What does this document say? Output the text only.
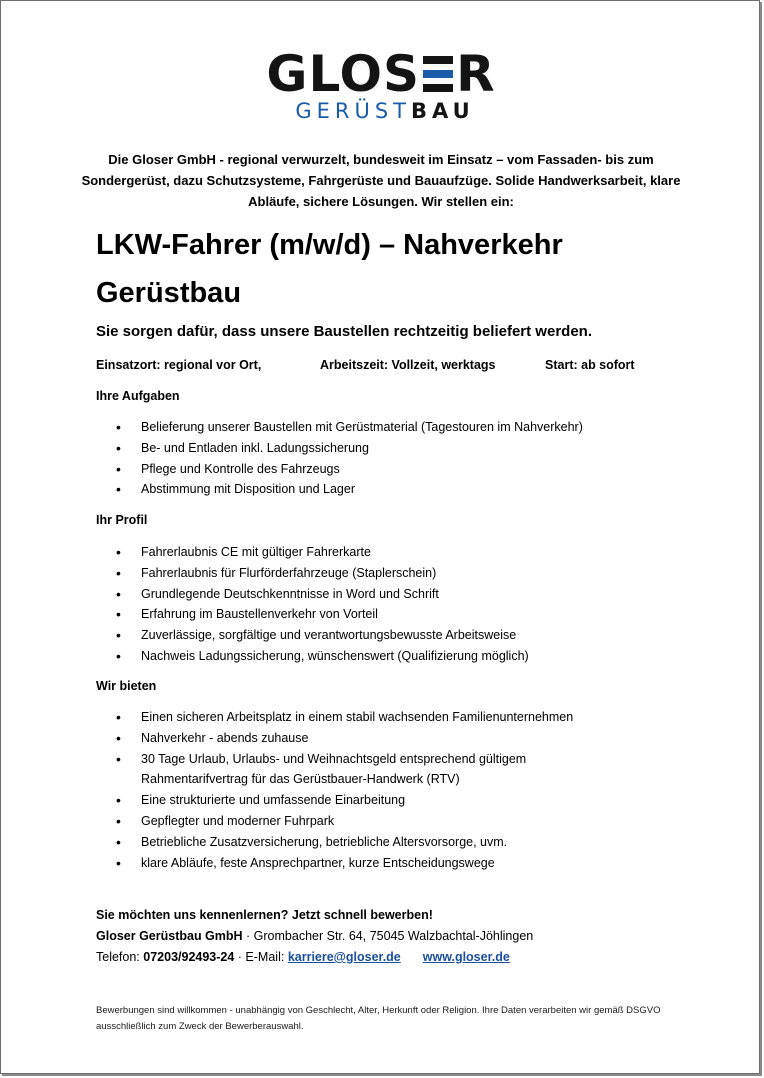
GLOS R
GERÜSTBAU
Die Gloser GmbH - regional verwurzelt, bundesweit im Einsatz – vom Fassaden- bis zum Sondergerüst, dazu Schutzsysteme, Fahrgerüste und Bauaufzüge. Solide Handwerksarbeit, klare Abläufe, sichere Lösungen. Wir stellen ein:
LKW-Fahrer (m/w/d) – Nahverkehr Gerüstbau
Sie sorgen dafür, dass unsere Baustellen rechtzeitig beliefert werden.
Einsatzort: regional vor Ort,	Arbeitszeit: Vollzeit, werktags	Start: ab sofort
Ihre Aufgaben
• Belieferung unserer Baustellen mit Gerüstmaterial (Tagestouren im Nahverkehr)
• Be- und Entladen inkl. Ladungssicherung
• Pflege und Kontrolle des Fahrzeugs
• Abstimmung mit Disposition und Lager
Ihr Profil
• Fahrerlaubnis CE mit gültiger Fahrerkarte
• Fahrerlaubnis für Flurförderfahrzeuge (Staplerschein)
• Grundlegende Deutschkenntnisse in Word und Schrift
• Erfahrung im Baustellenverkehr von Vorteil
• Zuverlässige, sorgfältige und verantwortungsbewusste Arbeitsweise
• Nachweis Ladungssicherung, wünschenswert (Qualifizierung möglich)
Wir bieten
• Einen sicheren Arbeitsplatz in einem stabil wachsenden Familienunternehmen
• Nahverkehr - abends zuhause
• 30 Tage Urlaub, Urlaubs- und Weihnachtsgeld entsprechend gültigem Rahmentarifvertrag für das Gerüstbauer-Handwerk (RTV)
• Eine strukturierte und umfassende Einarbeitung
• Gepflegter und moderner Fuhrpark
• Betriebliche Zusatzversicherung, betriebliche Altersvorsorge, uvm.
• klare Abläufe, feste Ansprechpartner, kurze Entscheidungswege
Sie möchten uns kennenlernen? Jetzt schnell bewerben!
Gloser Gerüstbau GmbH · Grombacher Str. 64, 75045 Walzbachtal-Jöhlingen
Telefon: 07203/92493-24 · E-Mail: karriere@gloser.de www.gloser.de
Bewerbungen sind willkommen - unabhängig von Geschlecht, Alter, Herkunft oder Religion. Ihre Daten verarbeiten wir gemäß DSGVO ausschließlich zum Zweck der Bewerberauswahl.
